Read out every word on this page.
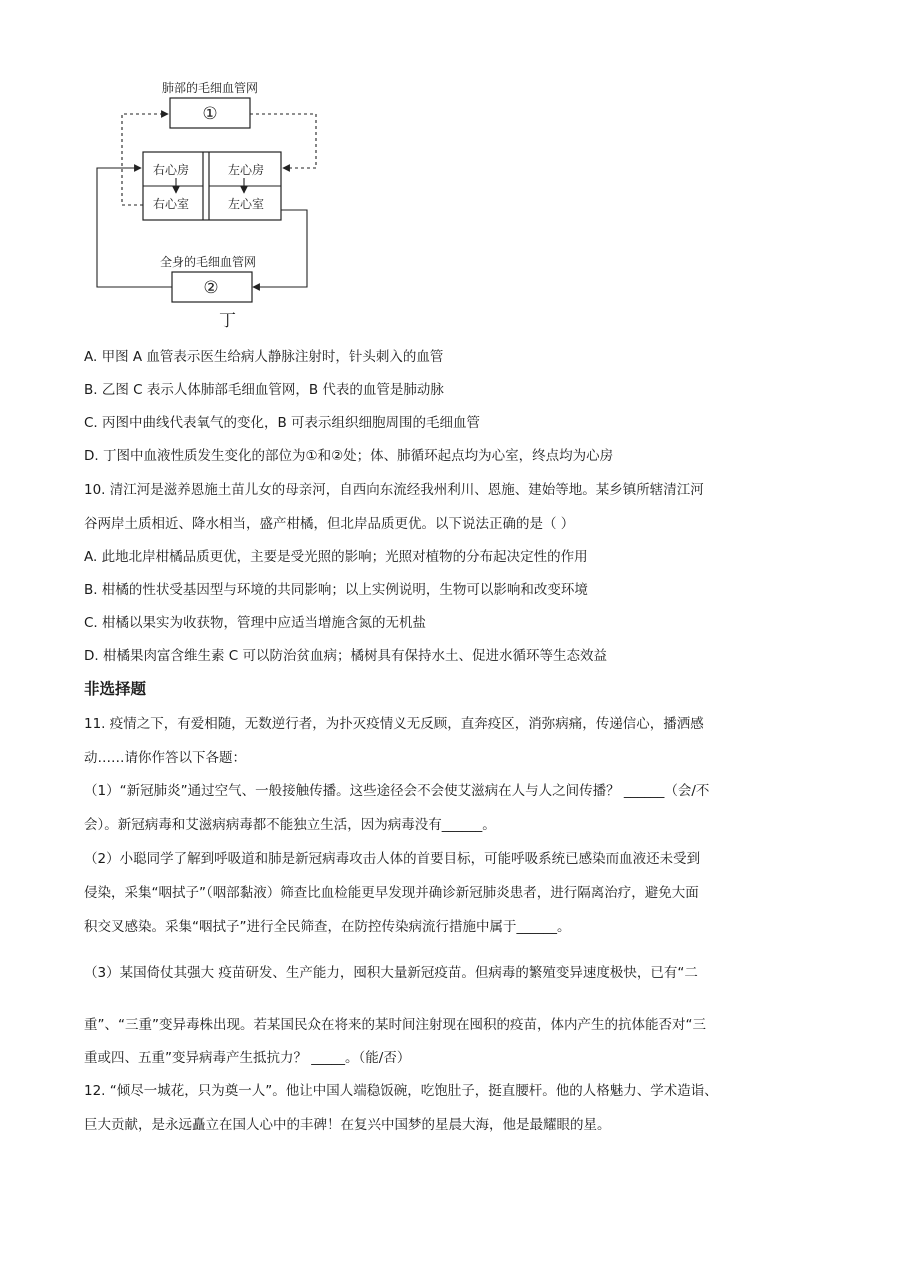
肺部的毛细血管网
①
右心房	左心房
右心室	左心室
全身的毛细血管网
②
丁
A. 甲图 A 血管表示医生给病人静脉注射时，针头刺入的血管
B. 乙图 C 表示人体肺部毛细血管网，B 代表的血管是肺动脉
C. 丙图中曲线代表氧气的变化，B 可表示组织细胞周围的毛细血管
D. 丁图中血液性质发生变化的部位为①和②处；体、肺循环起点均为心室，终点均为心房
10. 清江河是滋养恩施土苗儿女的母亲河，自西向东流经我州利川、恩施、建始等地。某乡镇所辖清江河
谷两岸土质相近、降水相当，盛产柑橘，但北岸品质更优。以下说法正确的是（ ）
A. 此地北岸柑橘品质更优，主要是受光照的影响；光照对植物的分布起决定性的作用
B. 柑橘的性状受基因型与环境的共同影响；以上实例说明，生物可以影响和改变环境
C. 柑橘以果实为收获物，管理中应适当增施含氮的无机盐
D. 柑橘果肉富含维生素 C 可以防治贫血病；橘树具有保持水土、促进水循环等生态效益
非选择题
11. 疫情之下，有爱相随，无数逆行者，为扑灭疫情义无反顾，直奔疫区，消弥病痛，传递信心，播洒感
动……请你作答以下各题：
（1）“新冠肺炎”通过空气、一般接触传播。这些途径会不会使艾滋病在人与人之间传播？ ______（会/不
会）。新冠病毒和艾滋病病毒都不能独立生活，因为病毒没有______。
（2）小聪同学了解到呼吸道和肺是新冠病毒攻击人体的首要目标，可能呼吸系统已感染而血液还未受到
侵染，采集“咽拭子”（咽部黏液）筛查比血检能更早发现并确诊新冠肺炎患者，进行隔离治疗，避免大面
积交叉感染。采集“咽拭子”进行全民筛查，在防控传染病流行措施中属于______。
（3）某国倚仗其强大 疫苗研发、生产能力，囤积大量新冠疫苗。但病毒的繁殖变异速度极快，已有“二
重”、“三重”变异毒株出现。若某国民众在将来的某时间注射现在囤积的疫苗，体内产生的抗体能否对“三
重或四、五重”变异病毒产生抵抗力？ _____。（能/否）
12. “倾尽一城花，只为奠一人”。他让中国人端稳饭碗，吃饱肚子，挺直腰杆。他的人格魅力、学术造诣、
巨大贡献，是永远矗立在国人心中的丰碑！在复兴中国梦的星晨大海，他是最耀眼的星。
